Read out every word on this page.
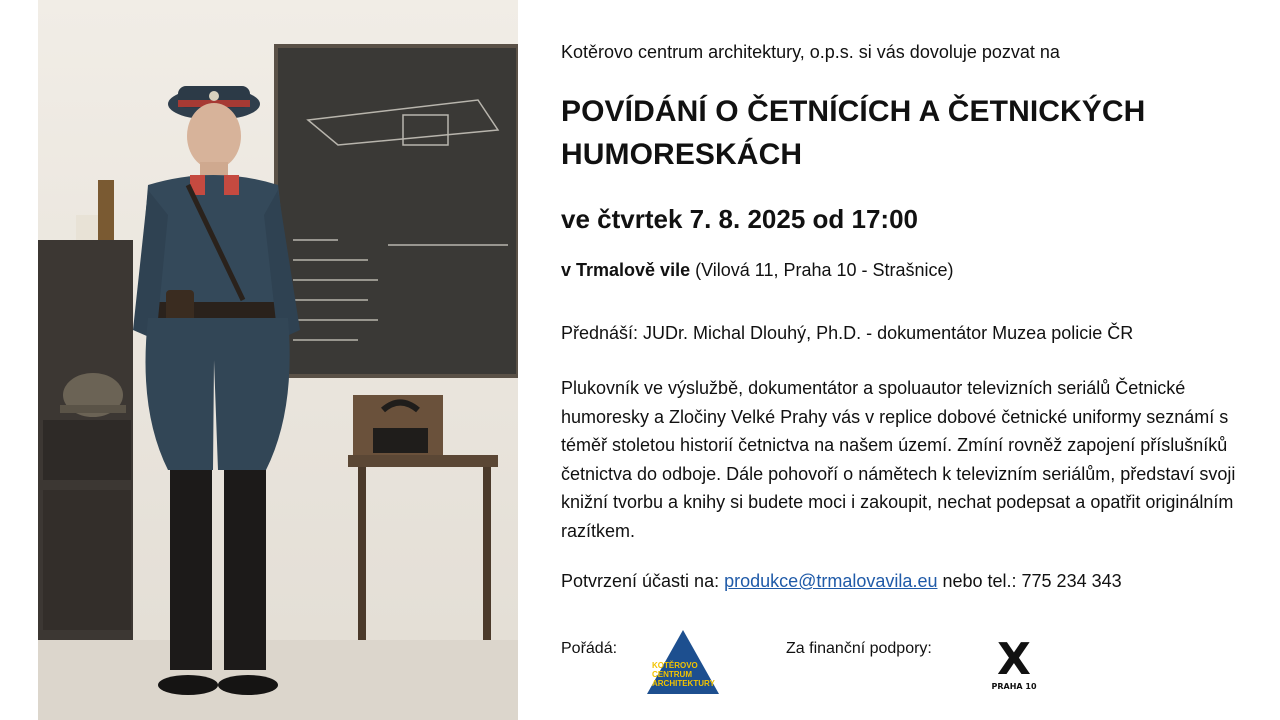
Kotěrovo centrum architektury, o.p.s. si vás dovoluje pozvat na
POVÍDÁNÍ O ČETNÍCÍCH A ČETNICKÝCH HUMORESKÁCH
ve čtvrtek 7. 8. 2025 od 17:00
v Trmalově vile (Vilová 11, Praha 10 - Strašnice)
Přednáší: JUDr. Michal Dlouhý, Ph.D. - dokumentátor Muzea policie ČR
Plukovník ve výslužbě, dokumentátor a spoluautor televizních seriálů Četnické humoresky a Zločiny Velké Prahy vás v replice dobové četnické uniformy seznámí s téměř stoletou historií četnictva na našem území. Zmíní rovněž zapojení příslušníků četnictva do odboje. Dále pohovoří o námětech k televizním seriálům, představí svoji knižní tvorbu a knihy si budete moci i zakoupit, nechat podepsat a opatřit originálním razítkem.
Potvrzení účasti na: produkce@trmalovavila.eu nebo tel.: 775 234 343
Pořádá:
KOTĚROVO
CENTRUM
ARCHITEKTURY
Za finanční podpory: X
PRAHA 10
